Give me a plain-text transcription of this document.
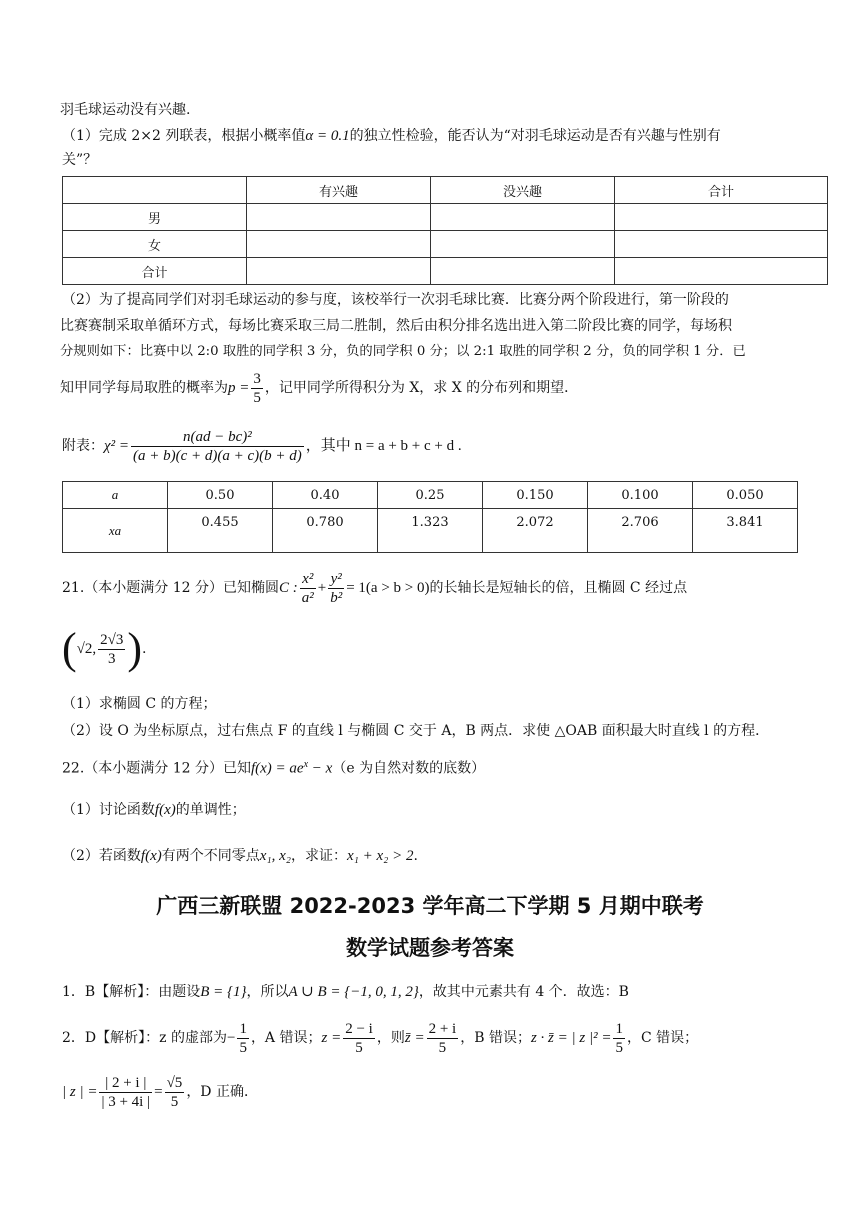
羽毛球运动没有兴趣.
（1）完成 2×2 列联表，根据小概率值α = 0.1的独立性检验，能否认为“对羽毛球运动是否有兴趣与性别有
关”？
	有兴趣	没兴趣	合计
男			
女			
合计			
（2）为了提高同学们对羽毛球运动的参与度，该校举行一次羽毛球比赛．比赛分两个阶段进行，第一阶段的
比赛赛制采取单循环方式，每场比赛采取三局二胜制，然后由积分排名选出进入第二阶段比赛的同学，每场积
分规则如下：比赛中以 2:0 取胜的同学积 3 分，负的同学积 0 分；以 2:1 取胜的同学积 2 分，负的同学积 1 分．已
知甲同学每局取胜的概率为$p = \frac{3}{5}$ ，记甲同学所得积分为 X，求 X 的分布列和期望．
附表：$\chi^2 = \frac{\text{n(ad − bc)²}}{(a + b)(c + d)(a + c)(b + d)}$ ，其中 n = a + b + c + d .
a	0.50	0.40	0.25	0.150	0.100	0.050
xa	0.455	0.780	1.323	2.072	2.706	3.841
21.（本小题满分 12 分）已知椭圆C : $\frac{\text{x²}}{\text{a²}} + \frac{\text{y²}}{\text{b²}} = 1(a > b > 0)$的长轴长是短轴长的倍，且椭圆 C 经过点
(√2, $\frac{2√3}{3}$ ).
（1）求椭圆 C 的方程；
（2）设 O 为坐标原点，过右焦点 F 的直线 l 与椭圆 C 交于 A，B 两点．求使 △OAB 面积最大时直线 l 的方程．
22.（本小题满分 12 分）已知$f(x) = ae^x - x(e$ 为自然对数的底数）
（1）讨论函数f(x)的单调性；
（2）若函数f(x)有两个不同零点x₁, x₂，求证：x₁ + x₂ > 2.
广西三新联盟 2022-2023 学年高二下学期 5 月期中联考
数学试题参考答案
1．B【解析】：由题设B = {1}，所以A ∪ B = {−1, 0, 1, 2}，故其中元素共有 4 个．故选：B
2．D【解析】：z 的虚部为− $\frac{1}{5}$ ，A 错误；$z = \frac{2 - i}{5}$ ，则z̄ = $\frac{2 + i}{5}$ ，B 错误；z · z̄ = | z $|^2 = \frac{1}{5}$ ，C 错误；
| z | = $\frac{| 2 + i |}{| 3 + 4i |} = \frac{√5}{5}$ ，D 正确．
